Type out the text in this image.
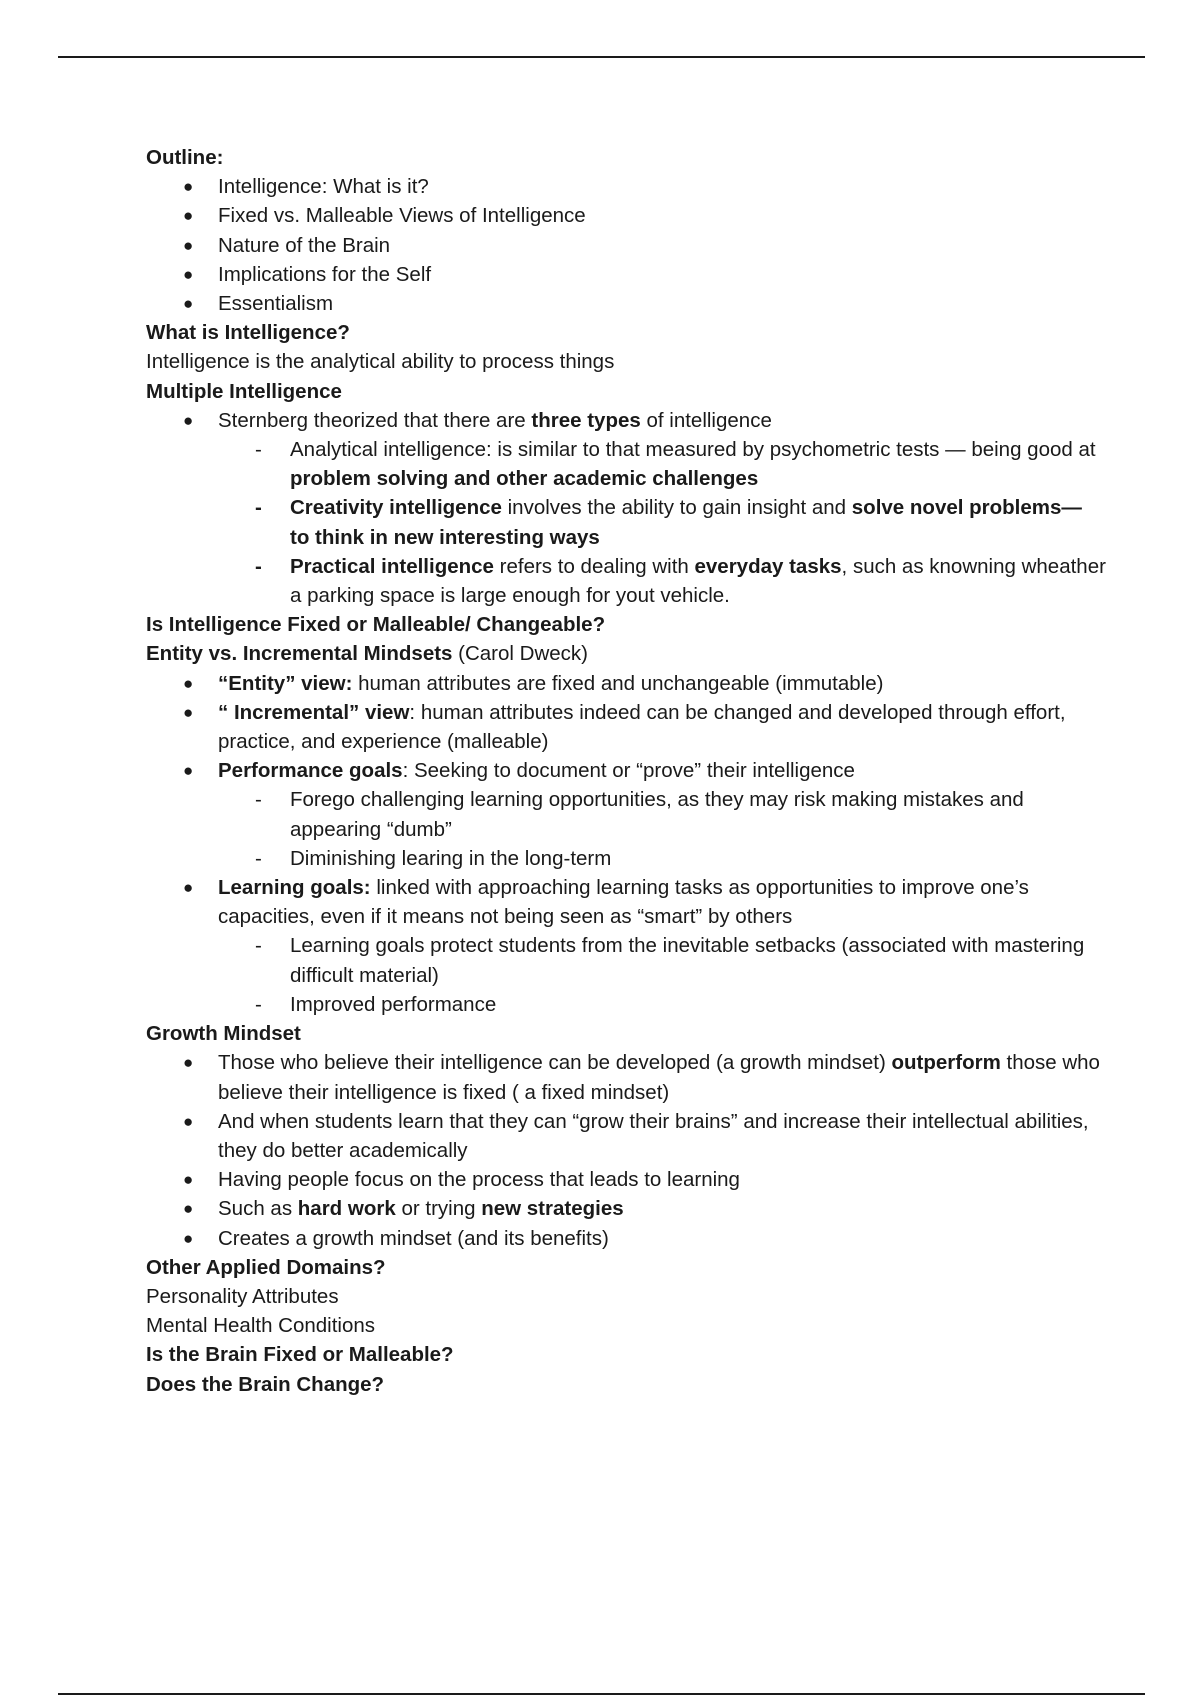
Outline:

● Intelligence: What is it?
● Fixed vs. Malleable Views of Intelligence
● Nature of the Brain
● Implications for the Self
● Essentialism

What is Intelligence?

Intelligence is the analytical ability to process things

Multiple Intelligence

● Sternberg theorized that there are three types of intelligence
- Analytical intelligence: is similar to that measured by psychometric tests — being good at problem solving and other academic challenges
- Creativity intelligence involves the ability to gain insight and solve novel problems— to think in new interesting ways
- Practical intelligence refers to dealing with everyday tasks, such as knowning wheather a parking space is large enough for yout vehicle.

Is Intelligence Fixed or Malleable/ Changeable?

Entity vs. Incremental Mindsets (Carol Dweck)

● “Entity” view: human attributes are fixed and unchangeable (immutable)
● “ Incremental” view: human attributes indeed can be changed and developed through effort, practice, and experience (malleable)
● Performance goals: Seeking to document or “prove” their intelligence
- Forego challenging learning opportunities, as they may risk making mistakes and appearing “dumb”
- Diminishing learing in the long-term
● Learning goals: linked with approaching learning tasks as opportunities to improve one’s capacities, even if it means not being seen as “smart” by others
- Learning goals protect students from the inevitable setbacks (associated with mastering difficult material)
- Improved performance

Growth Mindset

● Those who believe their intelligence can be developed (a growth mindset) outperform those who believe their intelligence is fixed ( a fixed mindset)
● And when students learn that they can “grow their brains” and increase their intellectual abilities, they do better academically
● Having people focus on the process that leads to learning
● Such as hard work or trying new strategies
● Creates a growth mindset (and its benefits)

Other Applied Domains?

Personality Attributes

Mental Health Conditions

Is the Brain Fixed or Malleable?

Does the Brain Change?
